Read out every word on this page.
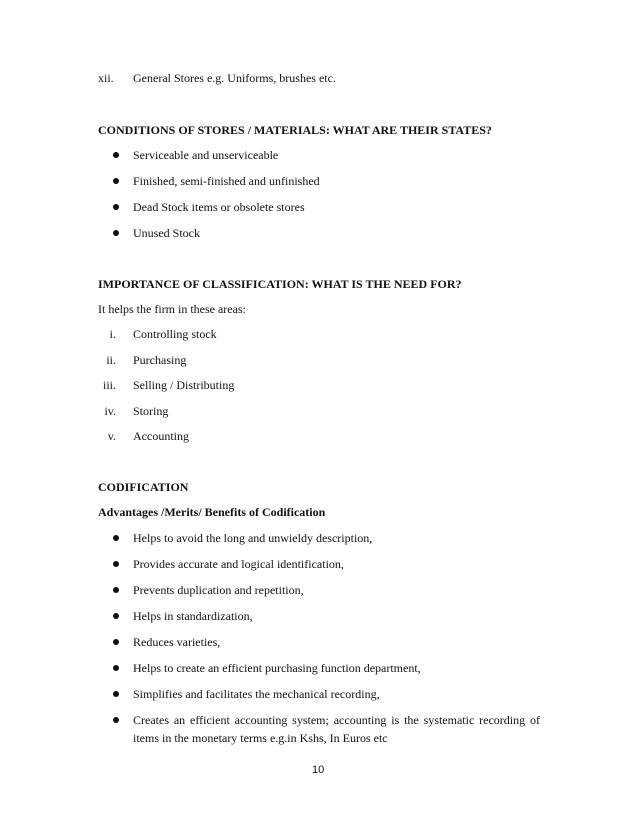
xii. General Stores e.g. Uniforms, brushes etc.
CONDITIONS OF STORES / MATERIALS: WHAT ARE THEIR STATES?
Serviceable and unserviceable
Finished, semi-finished and unfinished
Dead Stock items or obsolete stores
Unused Stock
IMPORTANCE OF CLASSIFICATION: WHAT IS THE NEED FOR?
It helps the firm in these areas:
i. Controlling stock
ii. Purchasing
iii. Selling / Distributing
iv. Storing
v. Accounting
CODIFICATION
Advantages /Merits/ Benefits of Codification
Helps to avoid the long and unwieldy description,
Provides accurate and logical identification,
Prevents duplication and repetition,
Helps in standardization,
Reduces varieties,
Helps to create an efficient purchasing function department,
Simplifies and facilitates the mechanical recording,
Creates an efficient accounting system; accounting is the systematic recording of
items in the monetary terms e.g.in Kshs, In Euros etc
10
